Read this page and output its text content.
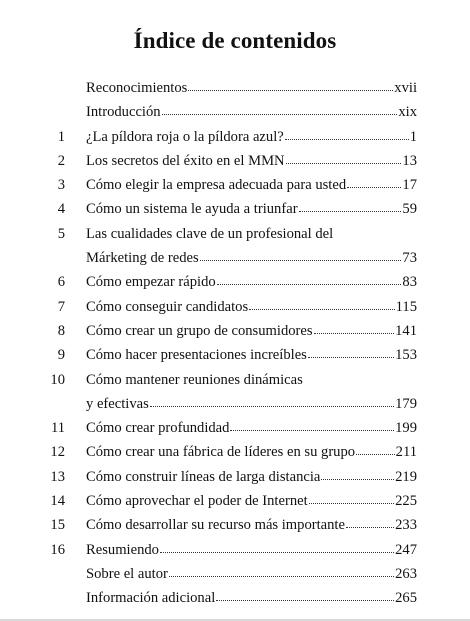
Índice de contenidos
Reconocimientos	xvii
Introducción	xix
1 ¿La píldora roja o la píldora azul?	1
2 Los secretos del éxito en el MMN	13
3 Cómo elegir la empresa adecuada para usted	17
4 Cómo un sistema le ayuda a triunfar	59
5 Las cualidades clave de un profesional del
Márketing de redes	73
6 Cómo empezar rápido	83
7 Cómo conseguir candidatos	115
8 Cómo crear un grupo de consumidores	141
9 Cómo hacer presentaciones increíbles	153
10 Cómo mantener reuniones dinámicas
y efectivas	179
11 Cómo crear profundidad	199
12 Cómo crear una fábrica de líderes en su grupo	211
13 Cómo construir líneas de larga distancia	219
14 Cómo aprovechar el poder de Internet	225
15 Cómo desarrollar su recurso más importante	233
16 Resumiendo	247
Sobre el autor	263
Información adicional	265
